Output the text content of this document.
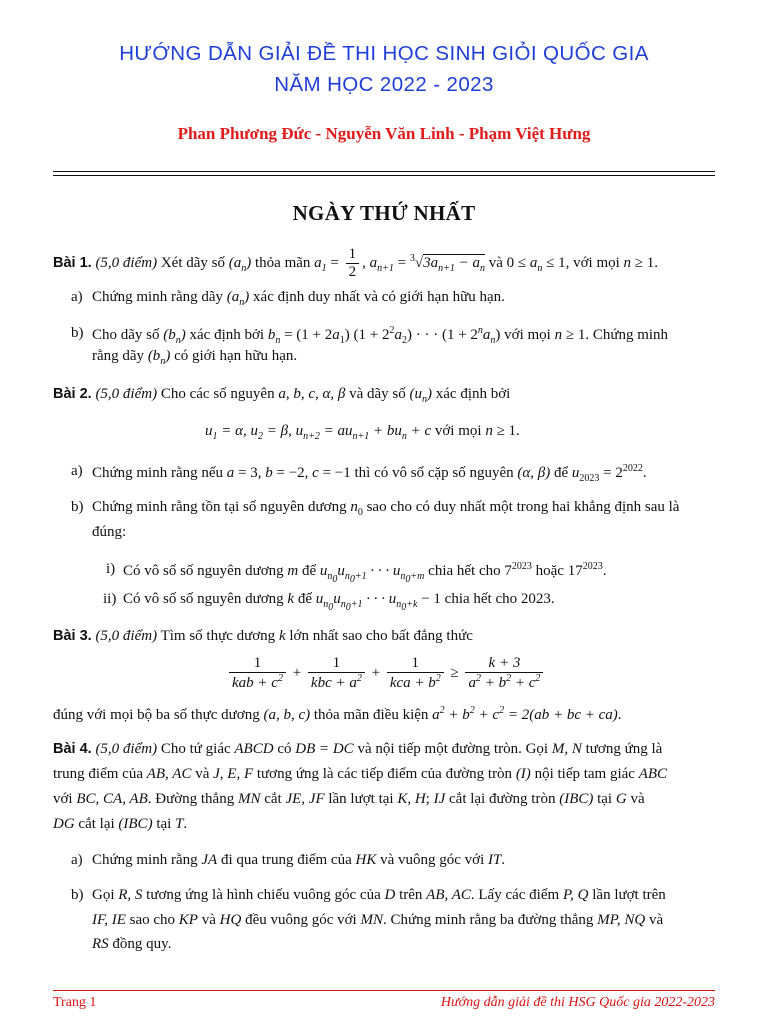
HƯỚNG DẪN GIẢI ĐỀ THI HỌC SINH GIỎI QUỐC GIA
NĂM HỌC 2022 - 2023
Phan Phương Đức - Nguyễn Văn Linh - Phạm Việt Hưng
NGÀY THỨ NHẤT
Bài 1. (5,0 điểm) Xét dãy số $(a_n)$ thỏa mãn $a_1 = \frac{1}{2}$ , $a_{n+1} = ^3√3a_{n+1} - a_n$ và $0 \le a_n \le 1$, với mọi n ≥ 1.
a) Chứng minh rằng dãy $(a_n)$ xác định duy nhất và có giới hạn hữu hạn.
b) Cho dãy số $(b_n)$ xác định bởi $b_n = (1 + 2a_1) (1 + 2^2a_2)$ · · · $(1 + 2^na_n)$ với mọi n ≥ 1. Chứng minh
rằng dãy $(b_n)$ có giới hạn hữu hạn.
Bài 2. (5,0 điểm) Cho các số nguyên a, b, c, α, β và dãy số $(u_n)$ xác định bởi
$u_1 = \alpha$, $u_2 = \beta$, $u_{n+2} = au_{n+1} + bu_n + c$ với mọi n ≥ 1.
a) Chứng minh rằng nếu a = 3, b = −2, c = −1 thì có vô số cặp số nguyên (α, β) để $u_{2023} = 2^{2022}$.
b) Chứng minh rằng tồn tại số nguyên dương $n_0$ sao cho có duy nhất một trong hai khẳng định sau là
đúng:
i) Có vô số số nguyên dương m để $u_{n_0}u_{n_0+1}$ · · · $u_{n_0+m}$ chia hết cho $7^{2023}$ hoặc $17^{2023}$.
ii) Có vô số số nguyên dương k để $u_{n_0}u_{n_0+1}$ · · · $u_{n_0+k} - 1$ chia hết cho 2023.
Bài 3. (5,0 điểm) Tìm số thực dương k lớn nhất sao cho bất đẳng thức
$\frac{1}{kab + c^2} + \frac{1}{kbc + a^2} + \frac{1}{kca + b^2} \ge \frac{k + 3}{a^2 + b^2 + c^2}$
đúng với mọi bộ ba số thực dương (a, b, c) thỏa mãn điều kiện $a^2 + b^2 + c^2 = 2(ab$ + bc + ca).
Bài 4. (5,0 điểm) Cho tứ giác ABCD có DB = DC và nội tiếp một đường tròn. Gọi M, N tương ứng là
trung điểm của AB, AC và J, E, F tương ứng là các tiếp điểm của đường tròn (I) nội tiếp tam giác ABC
với BC, CA, AB. Đường thẳng MN cắt JE, JF lần lượt tại K, H; IJ cắt lại đường tròn (IBC) tại G và
DG cắt lại (IBC) tại T.
a) Chứng minh rằng JA đi qua trung điểm của HK và vuông góc với IT.
b) Gọi R, S tương ứng là hình chiếu vuông góc của D trên AB, AC. Lấy các điểm P, Q lần lượt trên
IF, IE sao cho KP và HQ đều vuông góc với MN. Chứng minh rằng ba đường thẳng MP, NQ và
RS đồng quy.
Trang 1	Hướng dẫn giải đề thi HSG Quốc gia 2022-2023
